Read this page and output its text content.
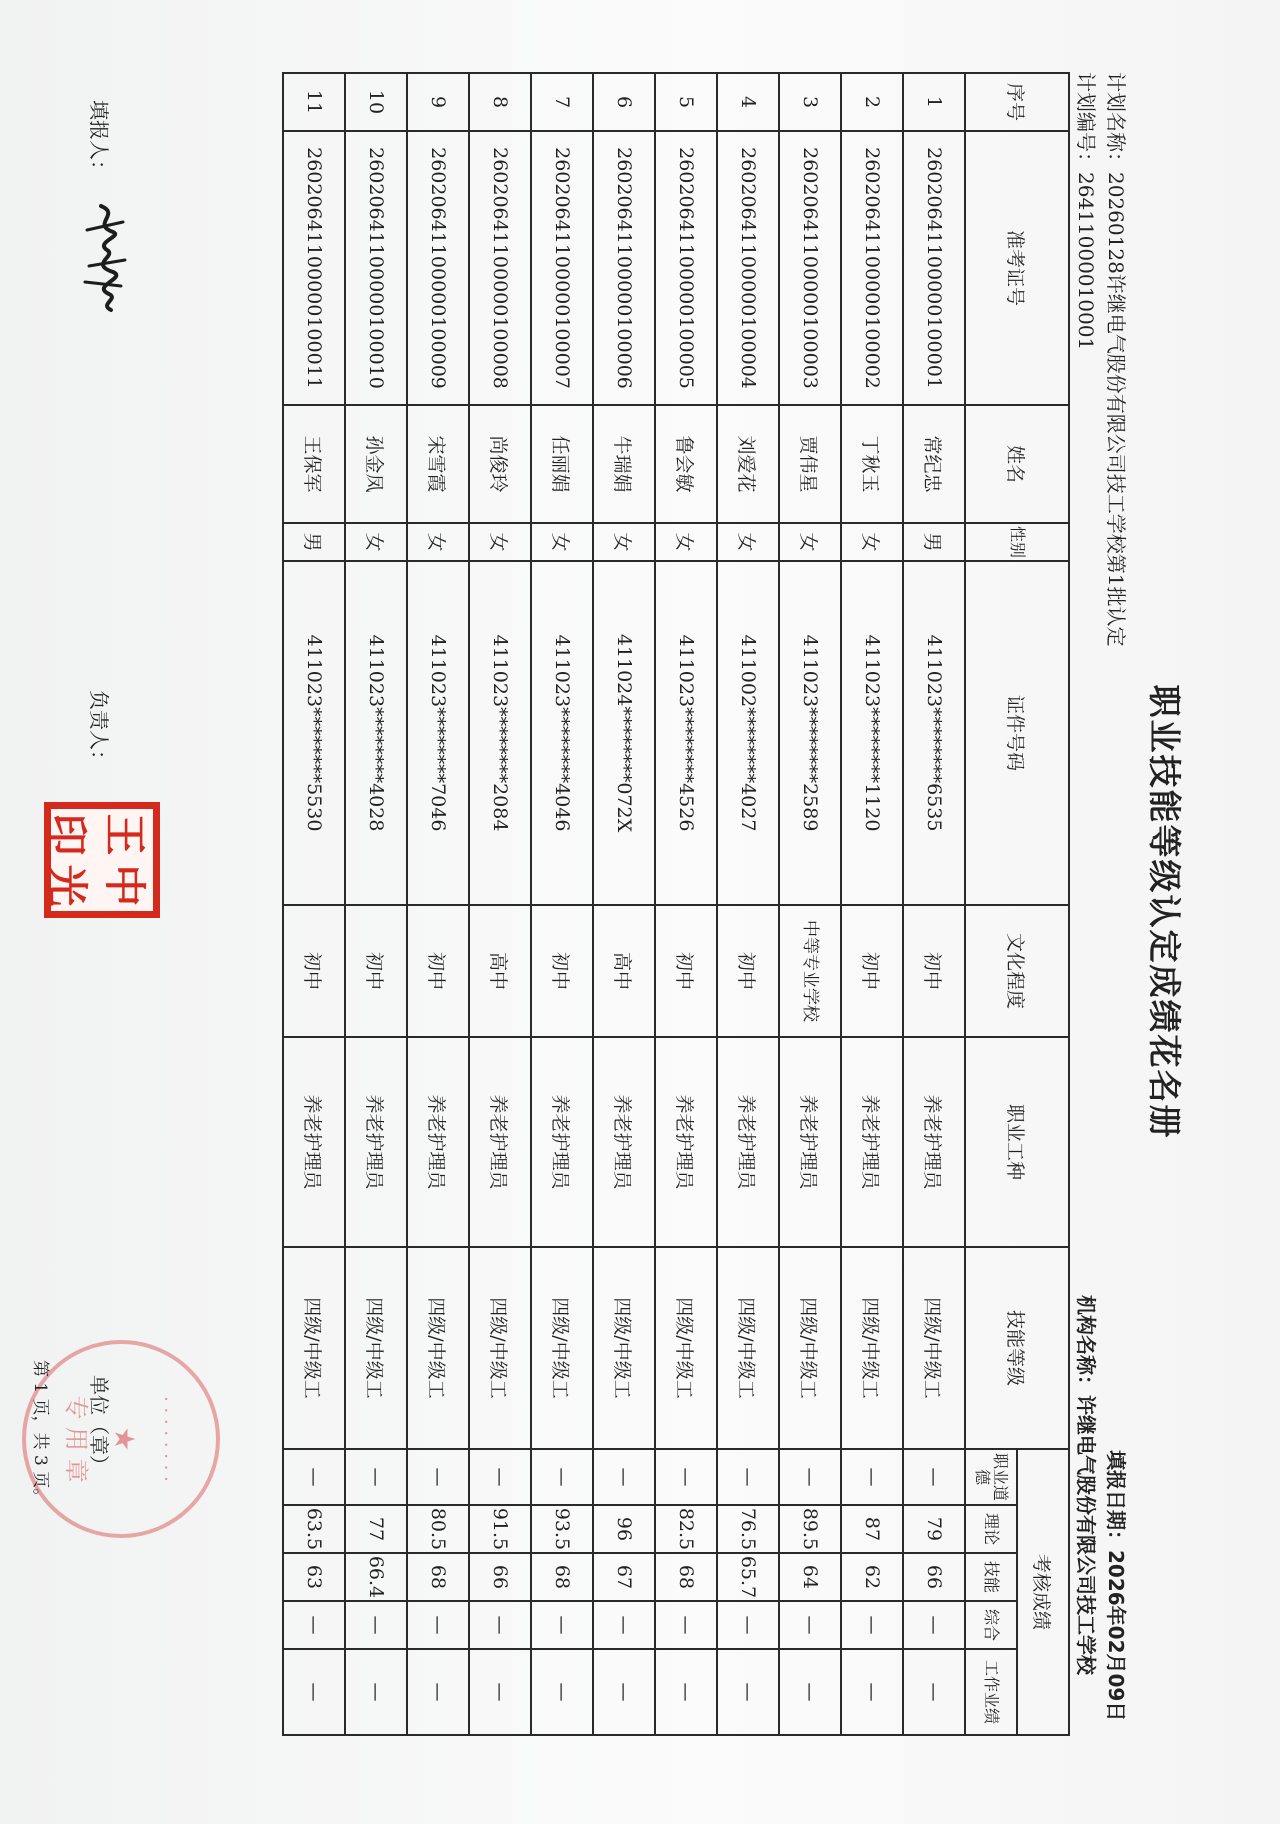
职业技能等级认定成绩花名册
计划名称：20260128许继电气股份有限公司技工学校第1批认定
填报日期：2026年02月09日
计划编号：26411000010001
机构名称：许继电气股份有限公司技工学校
序号	准考证号	姓名	性别	证件号码	文化程度	职业工种	技能等级	考核成绩				
								职业道德	理论	技能	综合	工作业绩
1	26020641100000100001	常纪忠	男	411023********6535	初中	养老护理员	四级/中级工	—	79	66	—	—
2	26020641100000100002	丁秋玉	女	411023********1120	初中	养老护理员	四级/中级工	—	87	62	—	—
3	26020641100000100003	贾伟星	女	411023********2589	中等专业学校	养老护理员	四级/中级工	—	89.5	64	—	—
4	26020641100000100004	刘爱花	女	411002********4027	初中	养老护理员	四级/中级工	—	76.5	65.7	—	—
5	26020641100000100005	鲁会敏	女	411023********4526	初中	养老护理员	四级/中级工	—	82.5	68	—	—
6	26020641100000100006	牛瑞娟	女	411024********072X	高中	养老护理员	四级/中级工	—	96	67	—	—
7	26020641100000100007	任丽娟	女	411023********4046	初中	养老护理员	四级/中级工	—	93.5	68	—	—
8	26020641100000100008	尚俊玲	女	411023********2084	高中	养老护理员	四级/中级工	—	91.5	66	—	—
9	26020641100000100009	宋雪霞	女	411023********7046	初中	养老护理员	四级/中级工	—	80.5	68	—	—
10	26020641100000100010	孙金凤	女	411023********4028	初中	养老护理员	四级/中级工	—	77	66.4	—	—
11	26020641100000100011	王保军	男	411023********5530	初中	养老护理员	四级/中级工	—	63.5	63	—	—
填报人：
负责人：
王
中
印
光
单位（章） · · · · · · · ·
★
专 用 章
第 1 页，共 3 页。
